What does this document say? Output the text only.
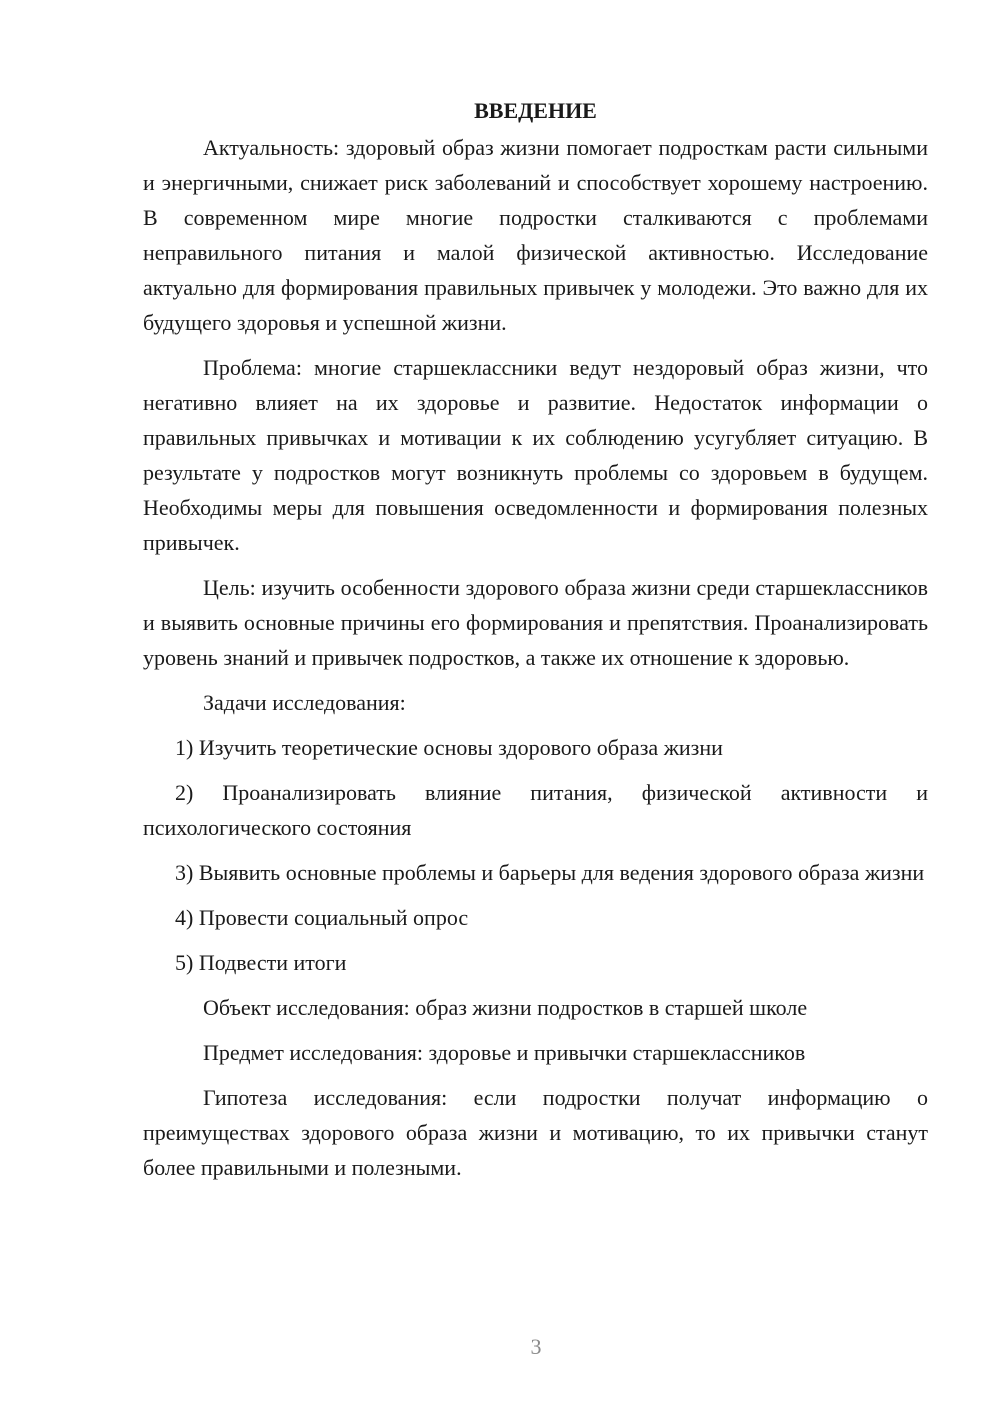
ВВЕДЕНИЕ

Актуальность: здоровый образ жизни помогает подросткам расти сильными и энергичными, снижает риск заболеваний и способствует хорошему настроению. В современном мире многие подростки сталкиваются с проблемами неправильного питания и малой физической активностью. Исследование актуально для формирования правильных привычек у молодежи. Это важно для их будущего здоровья и успешной жизни.

Проблема: многие старшеклассники ведут нездоровый образ жизни, что негативно влияет на их здоровье и развитие. Недостаток информации о правильных привычках и мотивации к их соблюдению усугубляет ситуацию. В результате у подростков могут возникнуть проблемы со здоровьем в будущем. Необходимы меры для повышения осведомленности и формирования полезных привычек.

Цель: изучить особенности здорового образа жизни среди старшеклассников и выявить основные причины его формирования и препятствия. Проанализировать уровень знаний и привычек подростков, а также их отношение к здоровью.

Задачи исследования:

1) Изучить теоретические основы здорового образа жизни

2) Проанализировать влияние питания, физической активности и психологического состояния

3) Выявить основные проблемы и барьеры для ведения здорового образа жизни

4) Провести социальный опрос

5) Подвести итоги

Объект исследования: образ жизни подростков в старшей школе

Предмет исследования: здоровье и привычки старшеклассников

Гипотеза исследования: если подростки получат информацию о преимуществах здорового образа жизни и мотивацию, то их привычки станут более правильными и полезными.

3
